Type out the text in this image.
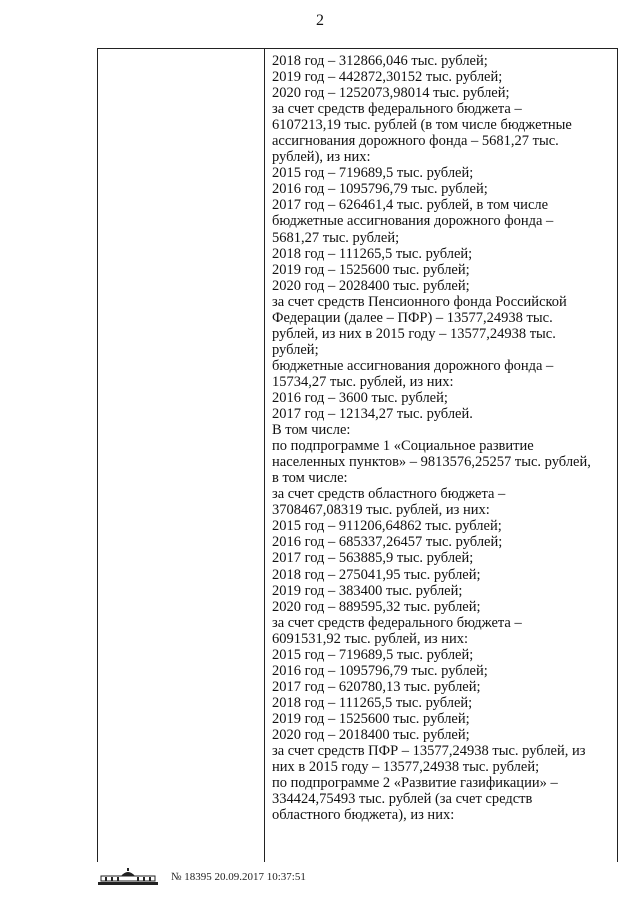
2
2018 год – 312866,046 тыс. рублей;
2019 год – 442872,30152 тыс. рублей;
2020 год – 1252073,98014 тыс. рублей;
за счет средств федерального бюджета –
6107213,19 тыс. рублей (в том числе бюджетные
ассигнования дорожного фонда – 5681,27 тыс.
рублей), из них:
2015 год – 719689,5 тыс. рублей;
2016 год – 1095796,79 тыс. рублей;
2017 год – 626461,4 тыс. рублей, в том числе
бюджетные ассигнования дорожного фонда –
5681,27 тыс. рублей;
2018 год – 111265,5 тыс. рублей;
2019 год – 1525600 тыс. рублей;
2020 год – 2028400 тыс. рублей;
за счет средств Пенсионного фонда Российской
Федерации (далее – ПФР) – 13577,24938 тыс.
рублей, из них в 2015 году – 13577,24938 тыс.
рублей;
бюджетные ассигнования дорожного фонда –
15734,27 тыс. рублей, из них:
2016 год – 3600 тыс. рублей;
2017 год – 12134,27 тыс. рублей.
В том числе:
по подпрограмме 1 «Социальное развитие
населенных пунктов» – 9813576,25257 тыс. рублей,
в том числе:
за счет средств областного бюджета –
3708467,08319 тыс. рублей, из них:
2015 год – 911206,64862 тыс. рублей;
2016 год – 685337,26457 тыс. рублей;
2017 год – 563885,9 тыс. рублей;
2018 год – 275041,95 тыс. рублей;
2019 год – 383400 тыс. рублей;
2020 год – 889595,32 тыс. рублей;
за счет средств федерального бюджета –
6091531,92 тыс. рублей, из них:
2015 год – 719689,5 тыс. рублей;
2016 год – 1095796,79 тыс. рублей;
2017 год – 620780,13 тыс. рублей;
2018 год – 111265,5 тыс. рублей;
2019 год – 1525600 тыс. рублей;
2020 год – 2018400 тыс. рублей;
за счет средств ПФР – 13577,24938 тыс. рублей, из
них в 2015 году – 13577,24938 тыс. рублей;
по подпрограмме 2 «Развитие газификации» –
334424,75493 тыс. рублей (за счет средств
областного бюджета), из них:
№ 18395 20.09.2017 10:37:51
